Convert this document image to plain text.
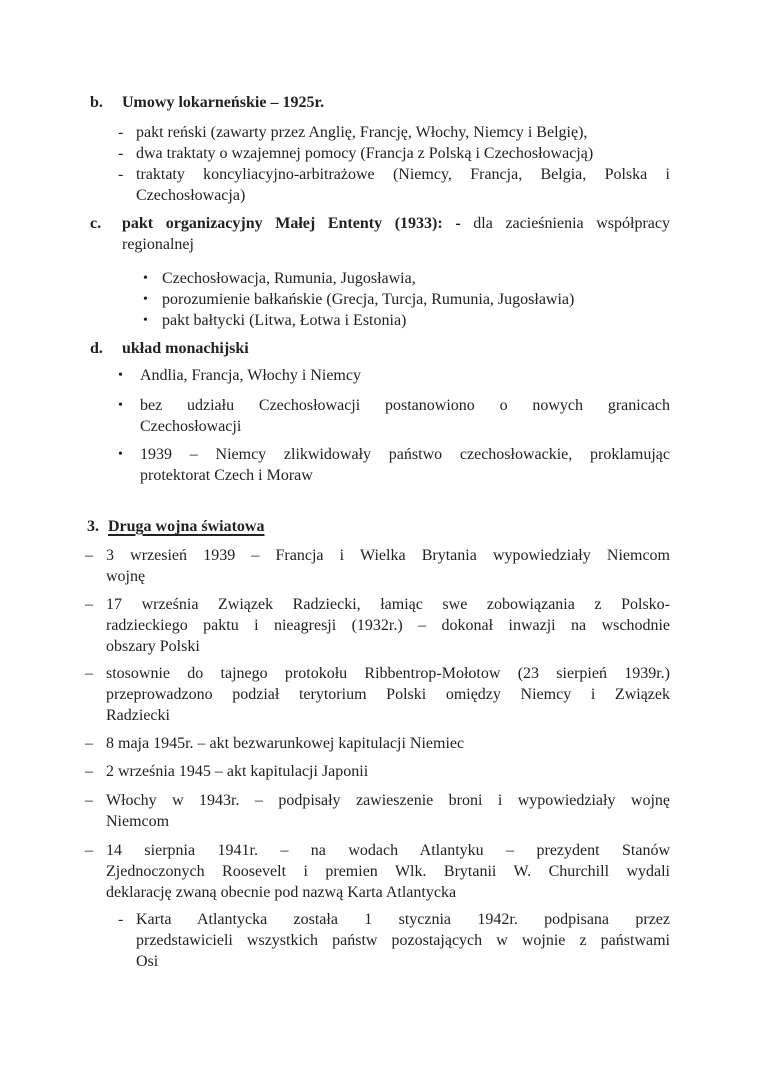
b. Umowy lokarneńskie – 1925r.
- pakt reński (zawarty przez Anglię, Francję, Włochy, Niemcy i Belgię),
- dwa traktaty o wzajemnej pomocy (Francja z Polską i Czechosłowacją)
- traktaty koncyliacyjno-arbitrażowe (Niemcy, Francja, Belgia, Polska i
Czechosłowacja)
c. pakt organizacyjny Małej Ententy (1933): - dla zacieśnienia współpracy
regionalnej
• Czechosłowacja, Rumunia, Jugosławia,
• porozumienie bałkańskie (Grecja, Turcja, Rumunia, Jugosławia)
• pakt bałtycki (Litwa, Łotwa i Estonia)
d. układ monachijski
• Andlia, Francja, Włochy i Niemcy
• bez udziału Czechosłowacji postanowiono o nowych granicach
Czechosłowacji
• 1939 – Niemcy zlikwidowały państwo czechosłowackie, proklamując
protektorat Czech i Moraw
3. Druga wojna światowa
– 3 wrzesień 1939 – Francja i Wielka Brytania wypowiedziały Niemcom
wojnę
– 17 września Związek Radziecki, łamiąc swe zobowiązania z Polsko-
radzieckiego paktu i nieagresji (1932r.) – dokonał inwazji na wschodnie
obszary Polski
– stosownie do tajnego protokołu Ribbentrop-Mołotow (23 sierpień 1939r.)
przeprowadzono podział terytorium Polski omiędzy Niemcy i Związek
Radziecki
– 8 maja 1945r. – akt bezwarunkowej kapitulacji Niemiec
– 2 września 1945 – akt kapitulacji Japonii
– Włochy w 1943r. – podpisały zawieszenie broni i wypowiedziały wojnę
Niemcom
– 14 sierpnia 1941r. – na wodach Atlantyku – prezydent Stanów
Zjednoczonych Roosevelt i premien Wlk. Brytanii W. Churchill wydali
deklarację zwaną obecnie pod nazwą Karta Atlantycka
- Karta Atlantycka została 1 stycznia 1942r. podpisana przez
przedstawicieli wszystkich państw pozostających w wojnie z państwami
Osi
